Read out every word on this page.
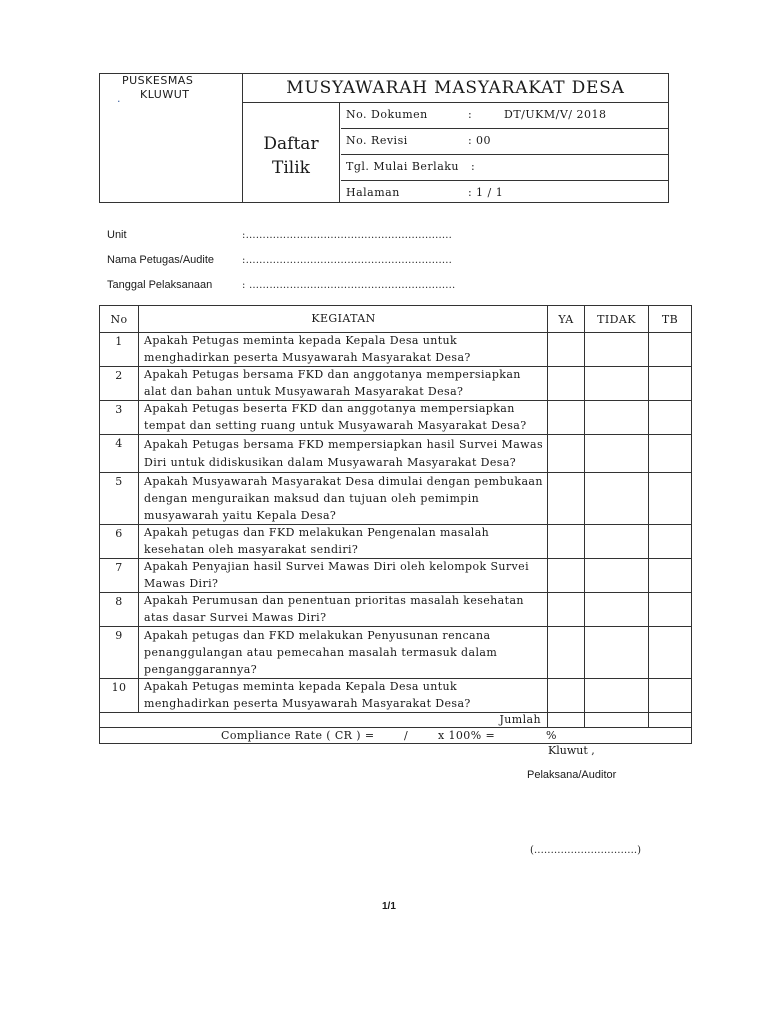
PUSKESMAS
KLUWUT
.
MUSYAWARAH MASYARAKAT DESA
Daftar
Tilik
No. Dokumen	:	DT/UKM/V/ 2018
No. Revisi	: 00
Tgl. Mulai Berlaku :
Halaman	: 1 / 1
Unit	:………………...........................................
Nama Petugas/Audite	:………………...........................................
Tanggal Pelaksanaan	: ………………...........................................
No	KEGIATAN	YA	TIDAK	TB
1	Apakah Petugas meminta kepada Kepala Desa untuk menghadirkan peserta Musyawarah Masyarakat Desa?			
2	Apakah Petugas bersama FKD dan anggotanya mempersiapkan alat dan bahan untuk Musyawarah Masyarakat Desa?			
3	Apakah Petugas beserta FKD dan anggotanya mempersiapkan tempat dan setting ruang untuk Musyawarah Masyarakat Desa?			
4	Apakah Petugas bersama FKD mempersiapkan hasil Survei Mawas Diri untuk didiskusikan dalam Musyawarah Masyarakat Desa?			
5	Apakah Musyawarah Masyarakat Desa dimulai dengan pembukaan dengan menguraikan maksud dan tujuan oleh pemimpin musyawarah yaitu Kepala Desa?			
6	Apakah petugas dan FKD melakukan Pengenalan masalah kesehatan oleh masyarakat sendiri?			
7	Apakah Penyajian hasil Survei Mawas Diri oleh kelompok Survei Mawas Diri?			
8	Apakah Perumusan dan penentuan prioritas masalah kesehatan atas dasar Survei Mawas Diri?			
9	Apakah petugas dan FKD melakukan Penyusunan rencana penanggulangan atau pemecahan masalah termasuk dalam penganggarannya?			
10	Apakah Petugas meminta kepada Kepala Desa untuk menghadirkan peserta Musyawarah Masyarakat Desa?			
Jumlah				

Compliance Rate ( CR ) = / x 100% = %				
Kluwut ,
Pelaksana/Auditor
(………………………….)
1/1
